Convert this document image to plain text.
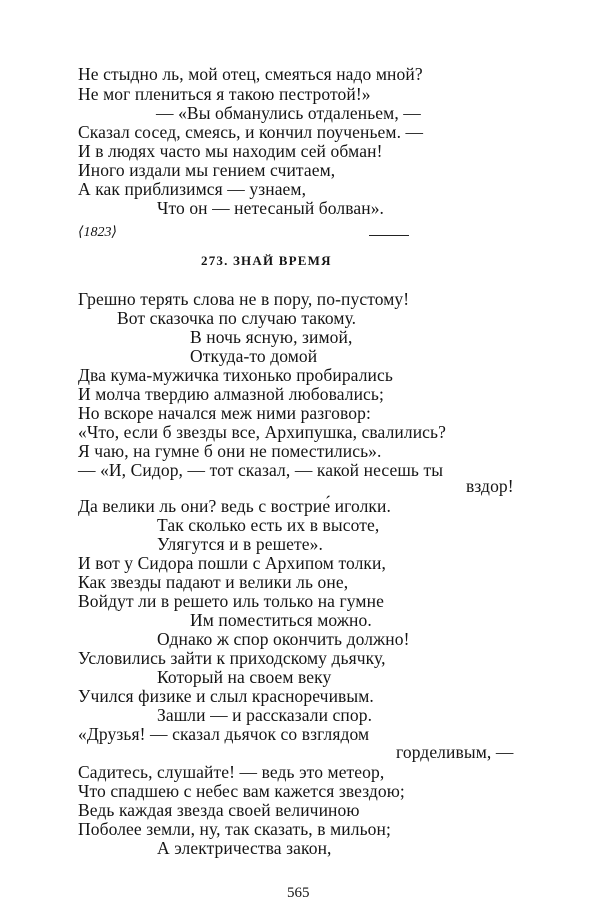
Не стыдно ль, мой отец, смеяться надо мной?
Не мог плениться я такою пестротой!»
— «Вы обманулись отдаленьем, —
Сказал сосед, смеясь, и кончил поученьем. —
И в людях часто мы находим сей обман!
Иного издали мы гением считаем,
А как приблизимся — узнаем,
Что он — нетесаный болван».
⟨1823⟩
273. ЗНАЙ ВРЕМЯ
Грешно терять слова не в пору, по-пустому!
Вот сказочка по случаю такому.
В ночь ясную, зимой,
Откуда-то домой
Два кума-мужичка тихонько пробирались
И молча твердию алмазной любовались;
Но вскоре начался меж ними разговор:
«Что, если б звезды все, Архипушка, свалились?
Я чаю, на гумне б они не поместились».
— «И, Сидор, — тот сказал, — какой несешь ты
вздор!
Да велики ль они? ведь с вострие́ иголки.
Так сколько есть их в высоте,
Улягутся и в решете».
И вот у Сидора пошли с Архипом толки,
Как звезды падают и велики ль оне,
Войдут ли в решето иль только на гумне
Им поместиться можно.
Однако ж спор окончить должно!
Условились зайти к приходскому дьячку,
Который на своем веку
Учился физике и слыл красноречивым.
Зашли — и рассказали спор.
«Друзья! — сказал дьячок со взглядом
горделивым, —
Садитесь, слушайте! — ведь это метеор,
Что спадшею с небес вам кажется звездою;
Ведь каждая звезда своей величиною
Поболее земли, ну, так сказать, в мильон;
А электричества закон,
565
